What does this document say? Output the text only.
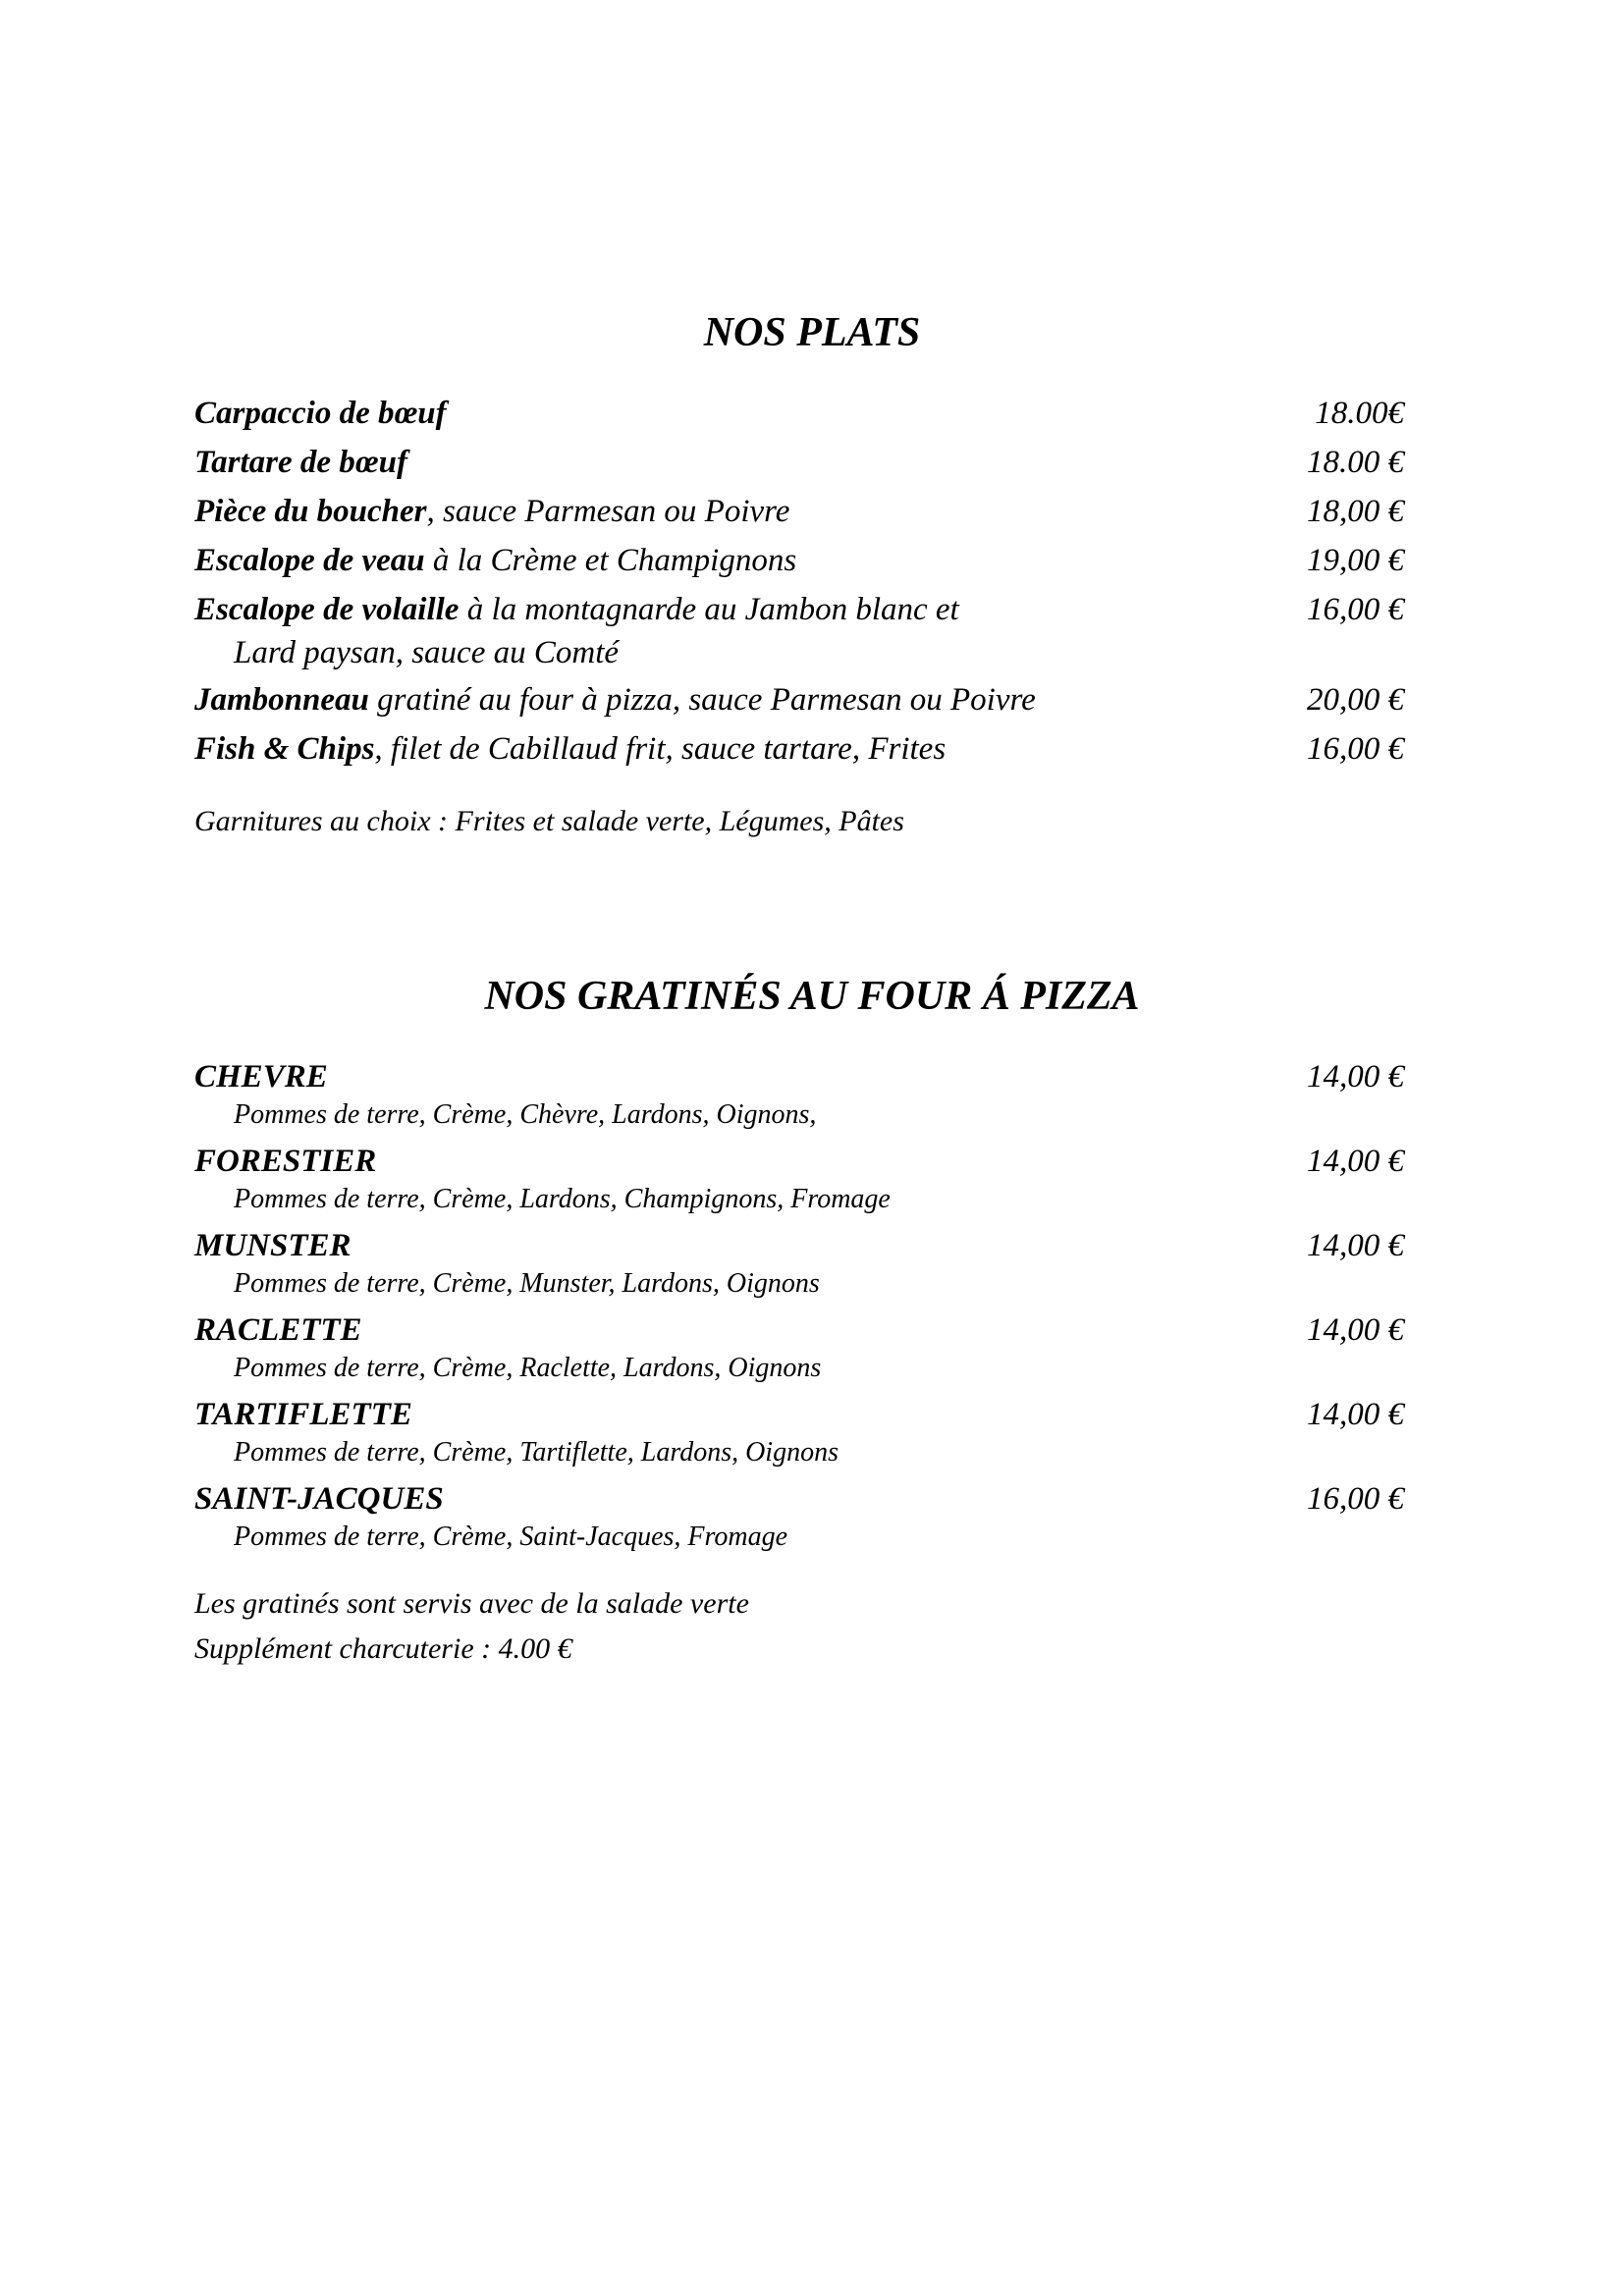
NOS PLATS
Carpaccio de bœuf	18.00€
Tartare de bœuf	18.00 €
Pièce du boucher, sauce Parmesan ou Poivre	18,00 €
Escalope de veau à la Crème et Champignons	19,00 €
Escalope de volaille à la montagnarde au Jambon blanc et	16,00 €
Lard paysan, sauce au Comté
Jambonneau gratiné au four à pizza, sauce Parmesan ou Poivre	20,00 €
Fish & Chips, filet de Cabillaud frit, sauce tartare, Frites	16,00 €
Garnitures au choix : Frites et salade verte, Légumes, Pâtes
NOS GRATINÉS AU FOUR Á PIZZA
CHEVRE	14,00 €
Pommes de terre, Crème, Chèvre, Lardons, Oignons,
FORESTIER	14,00 €
Pommes de terre, Crème, Lardons, Champignons, Fromage
MUNSTER	14,00 €
Pommes de terre, Crème, Munster, Lardons, Oignons
RACLETTE	14,00 €
Pommes de terre, Crème, Raclette, Lardons, Oignons
TARTIFLETTE	14,00 €
Pommes de terre, Crème, Tartiflette, Lardons, Oignons
SAINT-JACQUES	16,00 €
Pommes de terre, Crème, Saint-Jacques, Fromage
Les gratinés sont servis avec de la salade verte
Supplément charcuterie : 4.00 €
